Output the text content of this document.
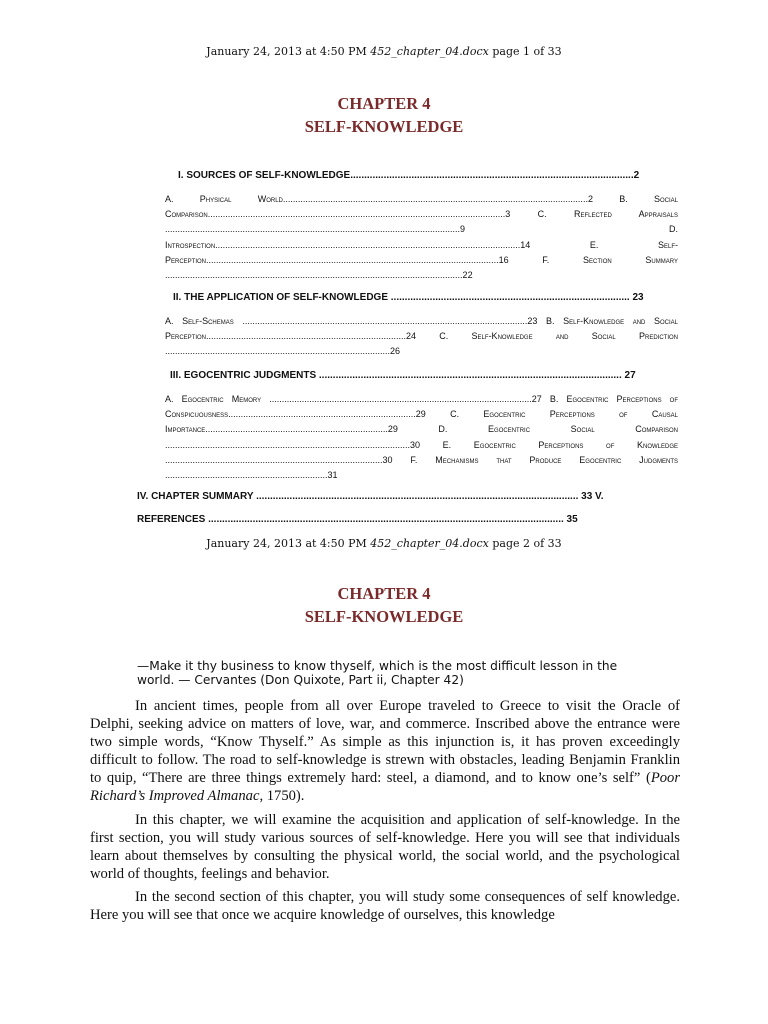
January 24, 2013 at 4:50 PM 452_chapter_04.docx page 1 of 33
CHAPTER 4
SELF-KNOWLEDGE
I. SOURCES OF SELF-KNOWLEDGE......................................................................................................2
A. Physical World..........................................................................................................................2 B. Social Comparison.......................................................................................................................3 C. Reflected Appraisals ......................................................................................................................9 D. Introspection..........................................................................................................................14 E. Self-Perception.....................................................................................................................16 F. Section Summary .......................................................................................................................22
II. THE APPLICATION OF SELF-KNOWLEDGE ...................................................................................... 23
A. Self-Schemas ..................................................................................................................23 B. Self-Knowledge and Social Perception................................................................................24 C. Self-Knowledge and Social Prediction ..........................................................................................26
III. EGOCENTRIC JUDGMENTS ............................................................................................................. 27
A. Egocentric Memory .........................................................................................................27 B. Egocentric Perceptions of Conspicuousness...........................................................................29 C. Egocentric Perceptions of Causal Importance.........................................................................29 D. Egocentric Social Comparison ..................................................................................................30 E. Egocentric Perceptions of Knowledge .......................................................................................30 F. Mechanisms that Produce Egocentric Judgments .................................................................31
IV. CHAPTER SUMMARY .................................................................................................................... 33 V.
REFERENCES ................................................................................................................................ 35
January 24, 2013 at 4:50 PM 452_chapter_04.docx page 2 of 33
CHAPTER 4
SELF-KNOWLEDGE
—Make it thy business to know thyself, which is the most difficult lesson in the world. — Cervantes (Don Quixote, Part ii, Chapter 42)

In ancient times, people from all over Europe traveled to Greece to visit the Oracle of Delphi, seeking advice on matters of love, war, and commerce. Inscribed above the entrance were two simple words, “Know Thyself.” As simple as this injunction is, it has proven exceedingly difficult to follow. The road to self-knowledge is strewn with obstacles, leading Benjamin Franklin to quip, “There are three things extremely hard: steel, a diamond, and to know one’s self” (Poor Richard’s Improved Almanac, 1750).

In this chapter, we will examine the acquisition and application of self-knowledge. In the first section, you will study various sources of self-knowledge. Here you will see that individuals learn about themselves by consulting the physical world, the social world, and the psychological world of thoughts, feelings and behavior.

In the second section of this chapter, you will study some consequences of self knowledge. Here you will see that once we acquire knowledge of ourselves, this knowledge
